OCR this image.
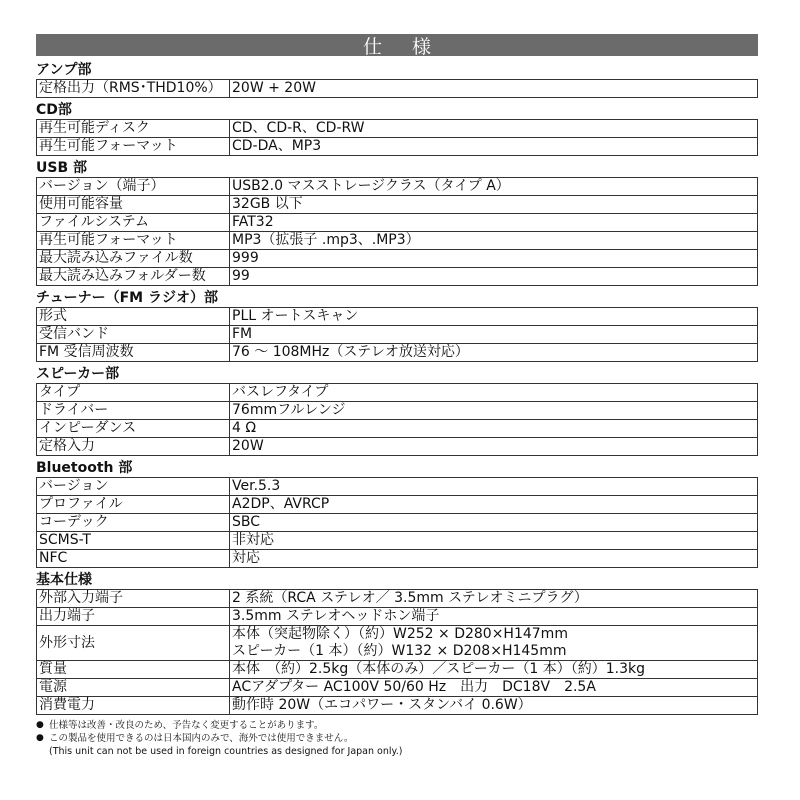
仕様
アンプ部
定格出力（RMS･THD10%）	20W + 20W
CD部
再生可能ディスク	CD、CD-R、CD-RW

再生可能フォーマット	CD-DA、MP3
USB 部
バージョン（端子）	USB2.0 マスストレージクラス（タイプ A）

使用可能容量	32GB 以下

ファイルシステム	FAT32

再生可能フォーマット	MP3（拡張子 .mp3、.MP3）

最大読み込みファイル数	999

最大読み込みフォルダー数	99
チューナー（FM ラジオ）部
形式	PLL オートスキャン

受信バンド	FM

FM 受信周波数	76 ～ 108MHz（ステレオ放送対応）
スピーカー部
タイプ	バスレフタイプ

ドライバー	76mmフルレンジ

インピーダンス	4 Ω

定格入力	20W
Bluetooth 部
バージョン	Ver.5.3

プロファイル	A2DP、AVRCP

コーデック	SBC

SCMS-T	非対応

NFC	対応
基本仕様
外部入力端子	2 系統（RCA ステレオ／ 3.5mm ステレオミニプラグ）

出力端子	3.5mm ステレオヘッドホン端子

外形寸法	本体（突起物除く）（約）W252 × D280×H147mm
スピーカー（1 本）（約）W132 × D208×H145mm

質量	本体　（約）2.5kg（本体のみ）／スピーカー（1 本）（約）1.3kg

電源	ACアダプター AC100V 50/60 Hz　出力　DC18V　2.5A

消費電力	動作時 20W（エコパワー・スタンバイ 0.6W）
● 仕様等は改善・改良のため、予告なく変更することがあります。
● この製品を使用できるのは日本国内のみで、海外では使用できません。
(This unit can not be used in foreign countries as designed for Japan only.)
